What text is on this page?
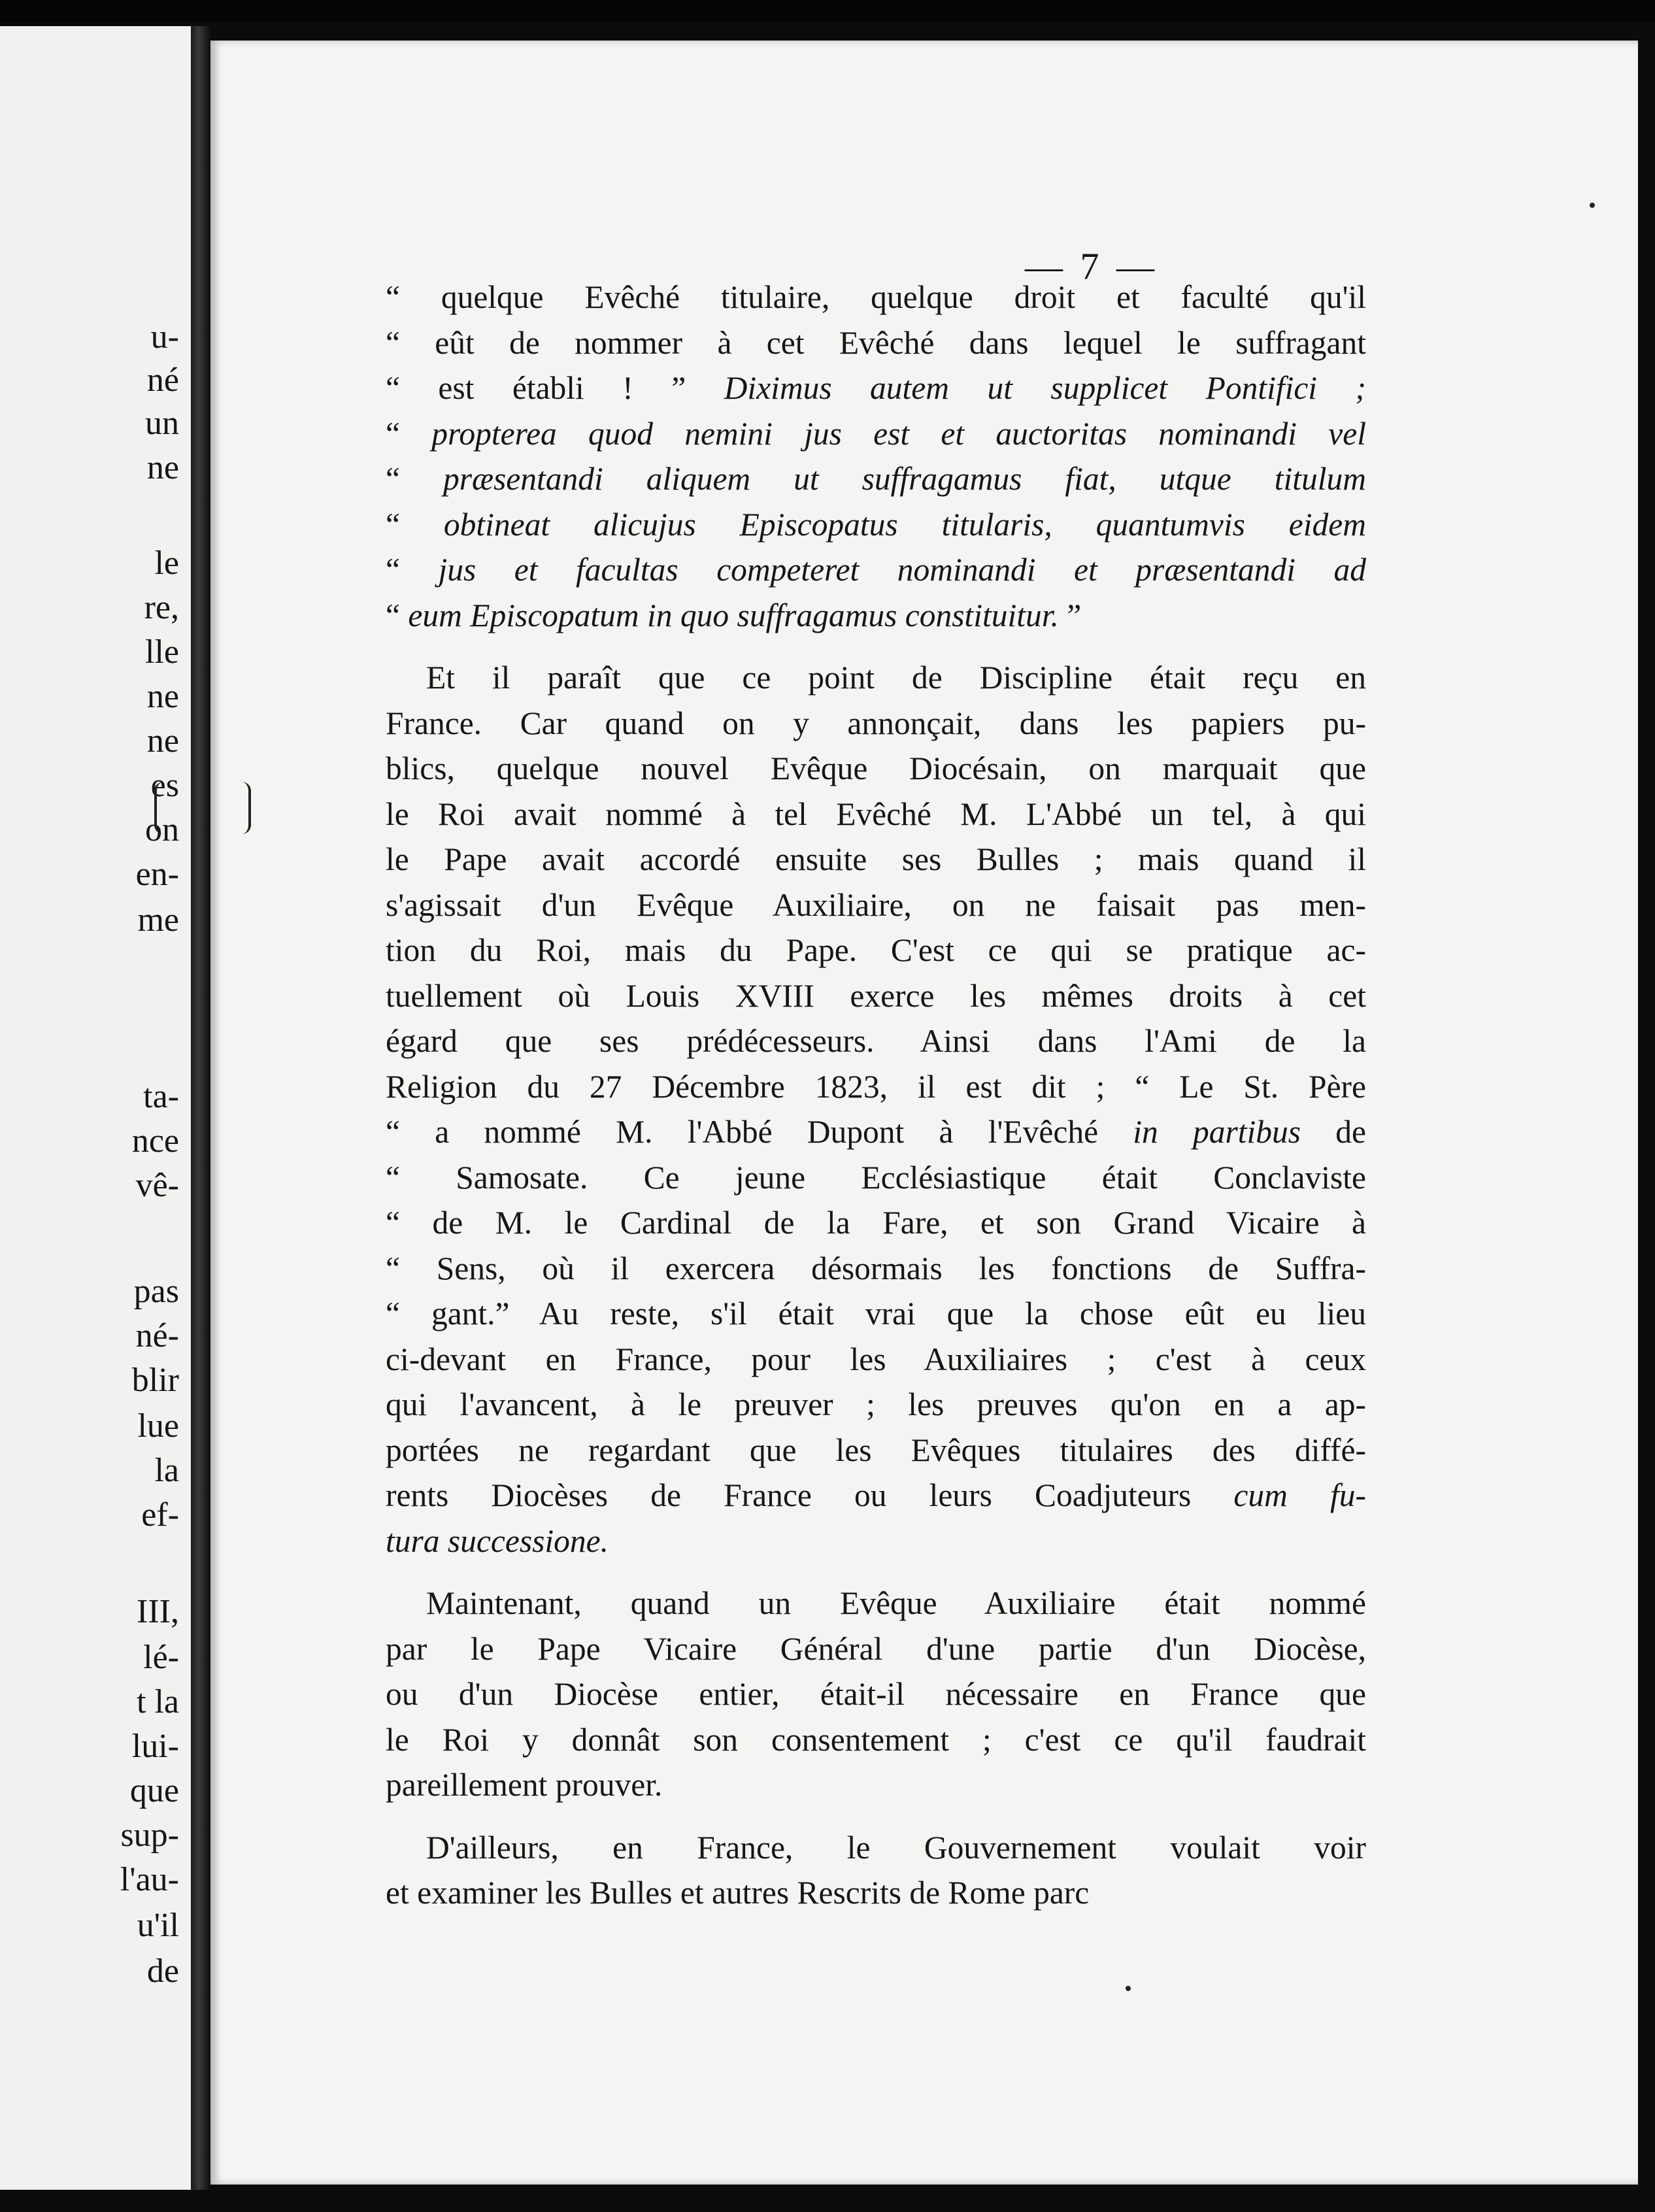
u-
né
un
ne
le
re,
lle
ne
ne
es
on
en-
me
ta-
nce
vê-
pas
né-
blir
lue
la
ef-
III,
lé-
t la
lui-
que
sup-
l'au-
u'il
de
— 7 —

“ quelque Evêché titulaire, quelque droit et faculté qu'il
“ eût de nommer à cet Evêché dans lequel le suffragant
“ est établi ! ” Diximus autem ut supplicet Pontifici ;
“ propterea quod nemini jus est et auctoritas nominandi vel
“ præsentandi aliquem ut suffragamus fiat, utque titulum
“ obtineat alicujus Episcopatus titularis, quantumvis eidem
“ jus et facultas competeret nominandi et præsentandi ad
“ eum Episcopatum in quo suffragamus constituitur. ”

Et il paraît que ce point de Discipline était reçu en
France. Car quand on y annonçait, dans les papiers pu-
blics, quelque nouvel Evêque Diocésain, on marquait que
le Roi avait nommé à tel Evêché M. L'Abbé un tel, à qui
le Pape avait accordé ensuite ses Bulles ; mais quand il
s'agissait d'un Evêque Auxiliaire, on ne faisait pas men-
tion du Roi, mais du Pape. C'est ce qui se pratique ac-
tuellement où Louis XVIII exerce les mêmes droits à cet
égard que ses prédécesseurs. Ainsi dans l'Ami de la
Religion du 27 Décembre 1823, il est dit ; “ Le St. Père
“ a nommé M. l'Abbé Dupont à l'Evêché in partibus de
“ Samosate. Ce jeune Ecclésiastique était Conclaviste
“ de M. le Cardinal de la Fare, et son Grand Vicaire à
“ Sens, où il exercera désormais les fonctions de Suffra-
“ gant.” Au reste, s'il était vrai que la chose eût eu lieu
ci-devant en France, pour les Auxiliaires ; c'est à ceux
qui l'avancent, à le preuver ; les preuves qu'on en a ap-
portées ne regardant que les Evêques titulaires des diffé-
rents Diocèses de France ou leurs Coadjuteurs cum fu-
tura successione.

Maintenant, quand un Evêque Auxiliaire était nommé
par le Pape Vicaire Général d'une partie d'un Diocèse,
ou d'un Diocèse entier, était-il nécessaire en France que
le Roi y donnât son consentement ; c'est ce qu'il faudrait
pareillement prouver.

D'ailleurs, en France, le Gouvernement voulait voir
et examiner les Bulles et autres Rescrits de Rome parc
